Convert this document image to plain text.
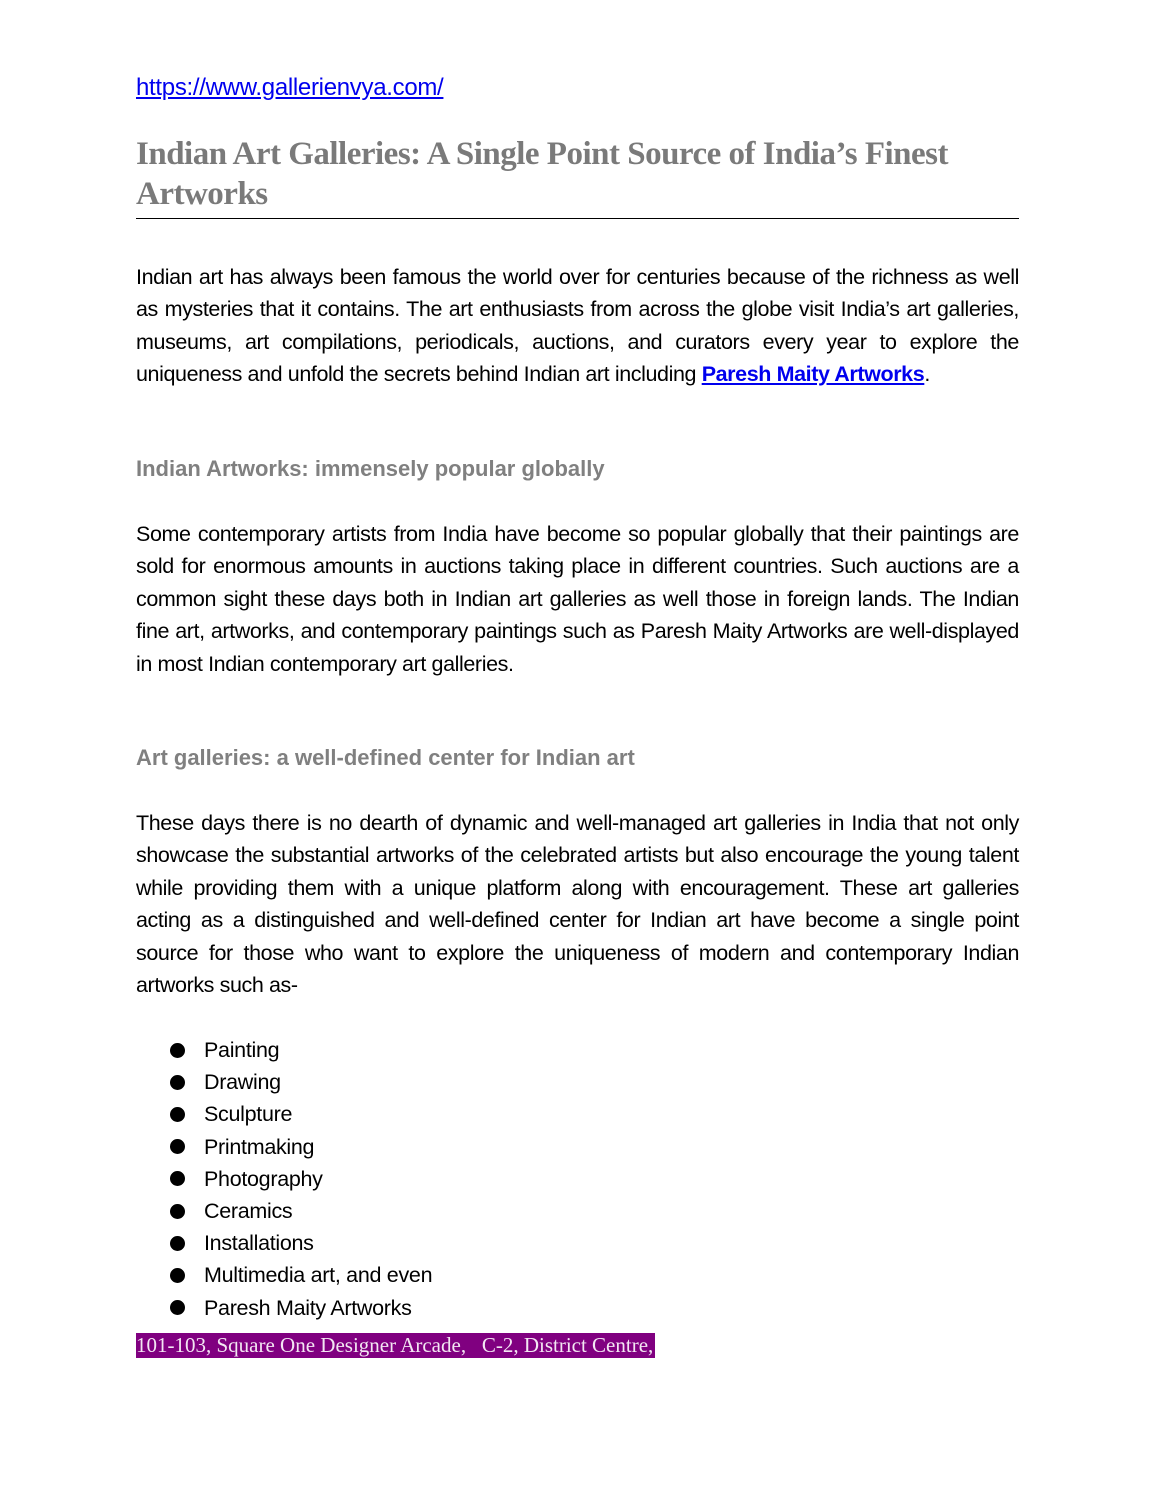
https://www.gallerienvya.com/
Indian Art Galleries: A Single Point Source of India’s Finest Artworks

Indian art has always been famous the world over for centuries because of the richness as well as mysteries that it contains. The art enthusiasts from across the globe visit India’s art galleries, museums, art compilations, periodicals, auctions, and curators every year to explore the uniqueness and unfold the secrets behind Indian art including Paresh Maity Artworks.

Indian Artworks: immensely popular globally

Some contemporary artists from India have become so popular globally that their paintings are sold for enormous amounts in auctions taking place in different countries. Such auctions are a common sight these days both in Indian art galleries as well those in foreign lands. The Indian fine art, artworks, and contemporary paintings such as Paresh Maity Artworks are well-displayed in most Indian contemporary art galleries.

Art galleries: a well-defined center for Indian art

These days there is no dearth of dynamic and well-managed art galleries in India that not only showcase the substantial artworks of the celebrated artists but also encourage the young talent while providing them with a unique platform along with encouragement. These art galleries acting as a distinguished and well-defined center for Indian art have become a single point source for those who want to explore the uniqueness of modern and contemporary Indian artworks such as-

Painting
Drawing
Sculpture
Printmaking
Photography
Ceramics
Installations
Multimedia art, and even
Paresh Maity Artworks
101-103, Square One Designer Arcade,   C-2, District Centre,
